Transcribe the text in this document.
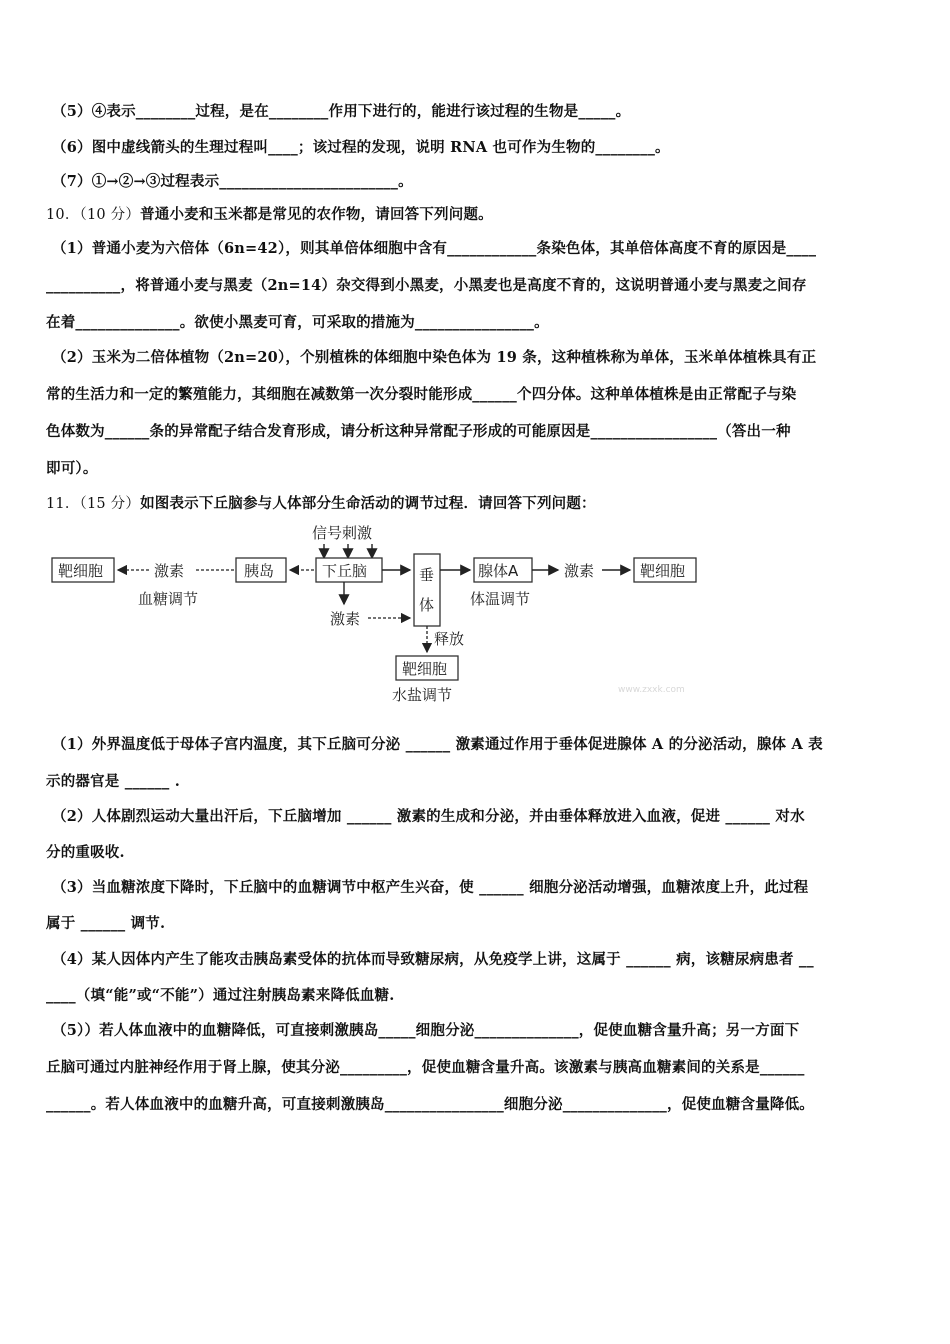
（5）④表示________过程，是在________作用下进行的，能进行该过程的生物是_____。
（6）图中虚线箭头的生理过程叫____；该过程的发现，说明 RNA 也可作为生物的________。
（7）①→②→③过程表示________________________。
10．（10 分）普通小麦和玉米都是常见的农作物，请回答下列问题。
（1）普通小麦为六倍体（6n=42），则其单倍体细胞中含有____________条染色体，其单倍体高度不育的原因是____
__________，将普通小麦与黑麦（2n=14）杂交得到小黑麦，小黑麦也是高度不育的，这说明普通小麦与黑麦之间存
在着______________。欲使小黑麦可育，可采取的措施为________________。
（2）玉米为二倍体植物（2n=20），个别植株的体细胞中染色体为 19 条，这种植株称为单体，玉米单体植株具有正
常的生活力和一定的繁殖能力，其细胞在减数第一次分裂时能形成______个四分体。这种单体植株是由正常配子与染
色体数为______条的异常配子结合发育形成，请分析这种异常配子形成的可能原因是_________________（答出一种
即可）。
11．（15 分）如图表示下丘脑参与人体部分生命活动的调节过程．请回答下列问题：
信号刺激
靶细胞	激素
血糖调节
胰岛	下丘脑
激素
垂
体
腺体A
体温调节
激素	靶细胞
释放
靶细胞
水盐调节	www.zxxk.com
（1）外界温度低于母体子宫内温度，其下丘脑可分泌 ______ 激素通过作用于垂体促进腺体 A 的分泌活动，腺体 A 表
示的器官是 ______ .
（2）人体剧烈运动大量出汗后，下丘脑增加 ______ 激素的生成和分泌，并由垂体释放进入血液，促进 ______ 对水
分的重吸收.
（3）当血糖浓度下降时，下丘脑中的血糖调节中枢产生兴奋，使 ______ 细胞分泌活动增强，血糖浓度上升，此过程
属于 ______ 调节.
（4）某人因体内产生了能攻击胰岛素受体的抗体而导致糖尿病，从免疫学上讲，这属于 ______ 病，该糖尿病患者 __
____（填“能”或“不能”）通过注射胰岛素来降低血糖.
（5））若人体血液中的血糖降低，可直接刺激胰岛_____细胞分泌______________，促使血糖含量升高；另一方面下
丘脑可通过内脏神经作用于肾上腺，使其分泌_________，促使血糖含量升高。该激素与胰高血糖素间的关系是______
______。若人体血液中的血糖升高，可直接刺激胰岛________________细胞分泌______________，促使血糖含量降低。
